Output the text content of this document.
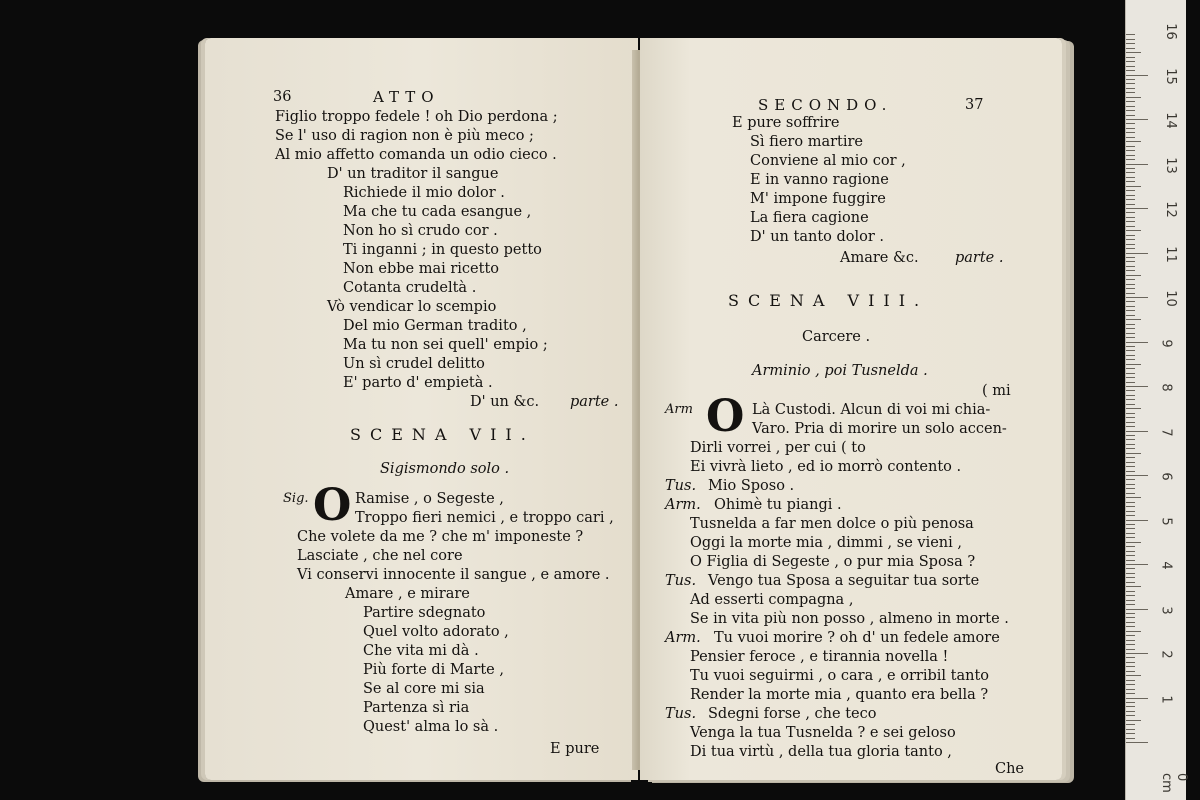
36	ATTO
Figlio troppo fedele ! oh Dio perdona ;
Se l' uso di ragion non è più meco ;
Al mio affetto comanda un odio cieco .
D' un traditor il sangue
Richiede il mio dolor .
Ma che tu cada esangue ,
Non ho sì crudo cor .
Ti inganni ; in questo petto
Non ebbe mai ricetto
Cotanta crudeltà .
Vò vendicar lo scempio
Del mio German tradito ,
Ma tu non sei quell' empio ;
Un sì crudel delitto
E' parto d' empietà .
D' un &c. parte .
SCENA VII.
Sigismondo solo .
Sig. O Ramise , o Segeste ,
Troppo fieri nemici , e troppo cari ,
Che volete da me ? che m' imponeste ?
Lasciate , che nel core
Vi conservi innocente il sangue , e amore .
Amare , e mirare
Partire sdegnato
Quel volto adorato ,
Che vita mi dà .
Più forte di Marte ,
Se al core mi sia
Partenza sì ria
Quest' alma lo sà .
E pure
SECONDO.	37
E pure soffrire
Sì fiero martire
Conviene al mio cor ,
E in vanno ragione
M' impone fuggire
La fiera cagione
D' un tanto dolor .
Amare &c.	parte .
SCENA VIII.
Carcere .
Arminio , poi Tusnelda .
( mi
Arm O Là Custodi. Alcun di voi mi chia-
Varo. Pria di morire un solo accen-
Dirli vorrei , per cui ( to
Ei vivrà lieto , ed io morrò contento .
Tus. Mio Sposo .
Arm. Ohimè tu piangi .
Tusnelda a far men dolce o più penosa
Oggi la morte mia , dimmi , se vieni ,
O Figlia di Segeste , o pur mia Sposa ?
Tus. Vengo tua Sposa a seguitar tua sorte
Ad esserti compagna ,
Se in vita più non posso , almeno in morte .
Arm. Tu vuoi morire ? oh d' un fedele amore
Pensier feroce , e tirannia novella !
Tu vuoi seguirmi , o cara , e orribil tanto
Render la morte mia , quanto era bella ?
Tus. Sdegni forse , che teco
Venga la tua Tusnelda ? e sei geloso
Di tua virtù , della tua gloria tanto ,
Che
0 cm
1
2
3
4
5
6
7
8
9
10
11
12
13
14
15
16
